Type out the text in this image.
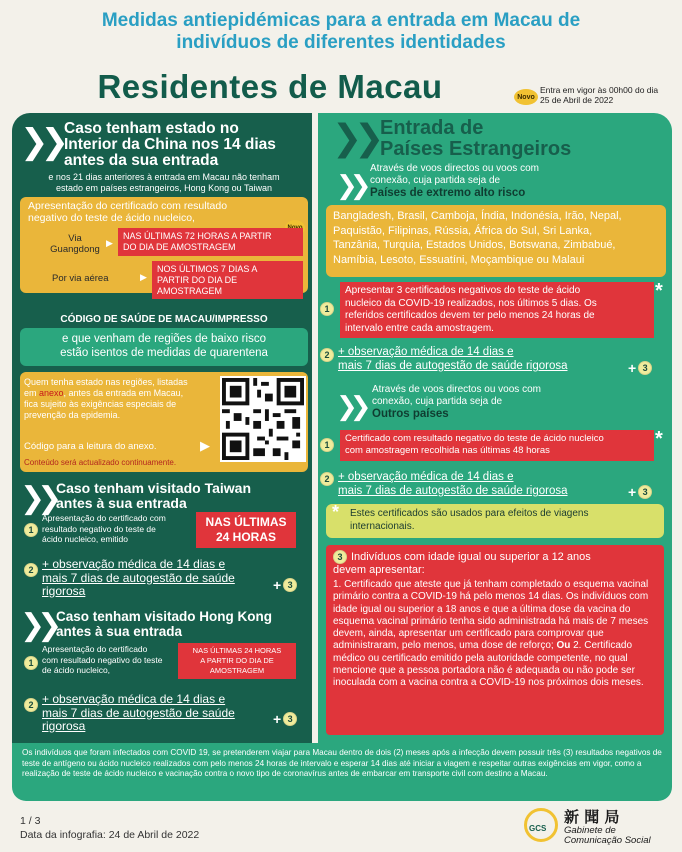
Medidas antiepidémicas para a entrada em Macau de
indivíduos de diferentes identidades
Residentes de Macau	Novo
Entra em vigor às 00h00 do dia
25 de Abril de 2022
❯❯ Caso tenham estado no
Interior da China nos 14 dias
antes da sua entrada
e nos 21 dias anteriores à entrada em Macau não tenham
estado em países estrangeiros, Hong Kong ou Taiwan
Apresentação do certificado com resultado
negativo do teste de ácido nucleico,
Via
Guangdong
▶
NAS ÚLTIMAS 72 HORAS A PARTIR
DO DIA DE AMOSTRAGEM
Por via aérea	▶
NOS ÚLTIMOS 7 DIAS A
PARTIR DO DIA DE
AMOSTRAGEM
CÓDIGO DE SAÚDE DE MACAU/IMPRESSO
e que venham de regiões de baixo risco
estão isentos de medidas de quarentena
Quem tenha estado nas regiões, listadas
em anexo, antes da entrada em Macau,
fica sujeito às exigências especiais de
prevenção da epidemia.
Código para a leitura do anexo.
Conteúdo será actualizado continuamente.
▶
❯❯ Caso tenham visitado Taiwan
antes à sua entrada
1
Apresentação do certificado com
resultado negativo do teste de
ácido nucleico, emitido
NAS ÚLTIMAS
24 HORAS
2 + observação médica de 14 dias e
mais 7 dias de autogestão de saúde
rigorosa	+ 3
❯❯ Caso tenham visitado Hong Kong
antes à sua entrada
1
Apresentação do certificado
com resultado negativo do teste
de ácido nucleico,
NAS ÚLTIMAS 24 HORAS
A PARTIR DO DIA DE
AMOSTRAGEM
2 + observação médica de 14 dias e
mais 7 dias de autogestão de saúde
rigorosa	+ 3
❯❯ Entrada de
Países Estrangeiros
❯❯
Através de voos directos ou voos com
conexão, cuja partida seja de
Países de extremo alto risco
Bangladesh, Brasil, Camboja, Índia, Indonésia, Irão, Nepal,
Paquistão, Filipinas, Rússia, África do Sul, Sri Lanka,
Tanzânia, Turquia, Estados Unidos, Botswana, Zimbabué,
Namíbia, Lesoto, Essuatíni, Moçambique ou Malaui
1
Apresentar 3 certificados negativos do teste de ácido
nucleico da COVID-19 realizados, nos últimos 5 dias. Os
referidos certificados devem ter pelo menos 24 horas de
intervalo entre cada amostragem.
*
2 + observação médica de 14 dias e
mais 7 dias de autogestão de saúde rigorosa	+ 3
❯❯
Através de voos directos ou voos com
conexão, cuja partida seja de
Outros países
1
Certificado com resultado negativo do teste de ácido nucleico
com amostragem recolhida nas últimas 48 horas
*
2 + observação médica de 14 dias e
mais 7 dias de autogestão de saúde rigorosa	+ 3
Estes certificados são usados para efeitos de viagens
internacionais.
*
3 Indivíduos com idade igual ou superior a 12 anos
devem apresentar:
1. Certificado que ateste que já tenham completado o esquema vacinal primário contra a COVID-19 há pelo menos 14 dias. Os indivíduos com idade igual ou superior a 18 anos e que a última dose da vacina do esquema vacinal primário tenha sido administrada há mais de 7 meses devem, ainda, apresentar um certificado para comprovar que administraram, pelo menos, uma dose de reforço; Ou 2. Certificado médico ou certificado emitido pela autoridade competente, no qual mencione que a pessoa portadora não é adequada ou não pode ser inoculada com a vacina contra a COVID-19 nos próximos dois meses.
Os indivíduos que foram infectados com COVID 19, se pretenderem viajar para Macau dentro de dois (2) meses após a infecção devem possuir três (3) resultados negativos de teste de antígeno ou ácido nucleico realizados com pelo menos 24 horas de intervalo e esperar 14 dias até iniciar a viagem e respeitar outras exigências em vigor, como a realização de teste de ácido nucleico e vacinação contra o novo tipo de coronavírus antes de embarcar em transporte civil com destino a Macau.
1 / 3
Data da infografia: 24 de Abril de 2022
GCS
新 聞 局
Gabinete de
Comunicação Social
